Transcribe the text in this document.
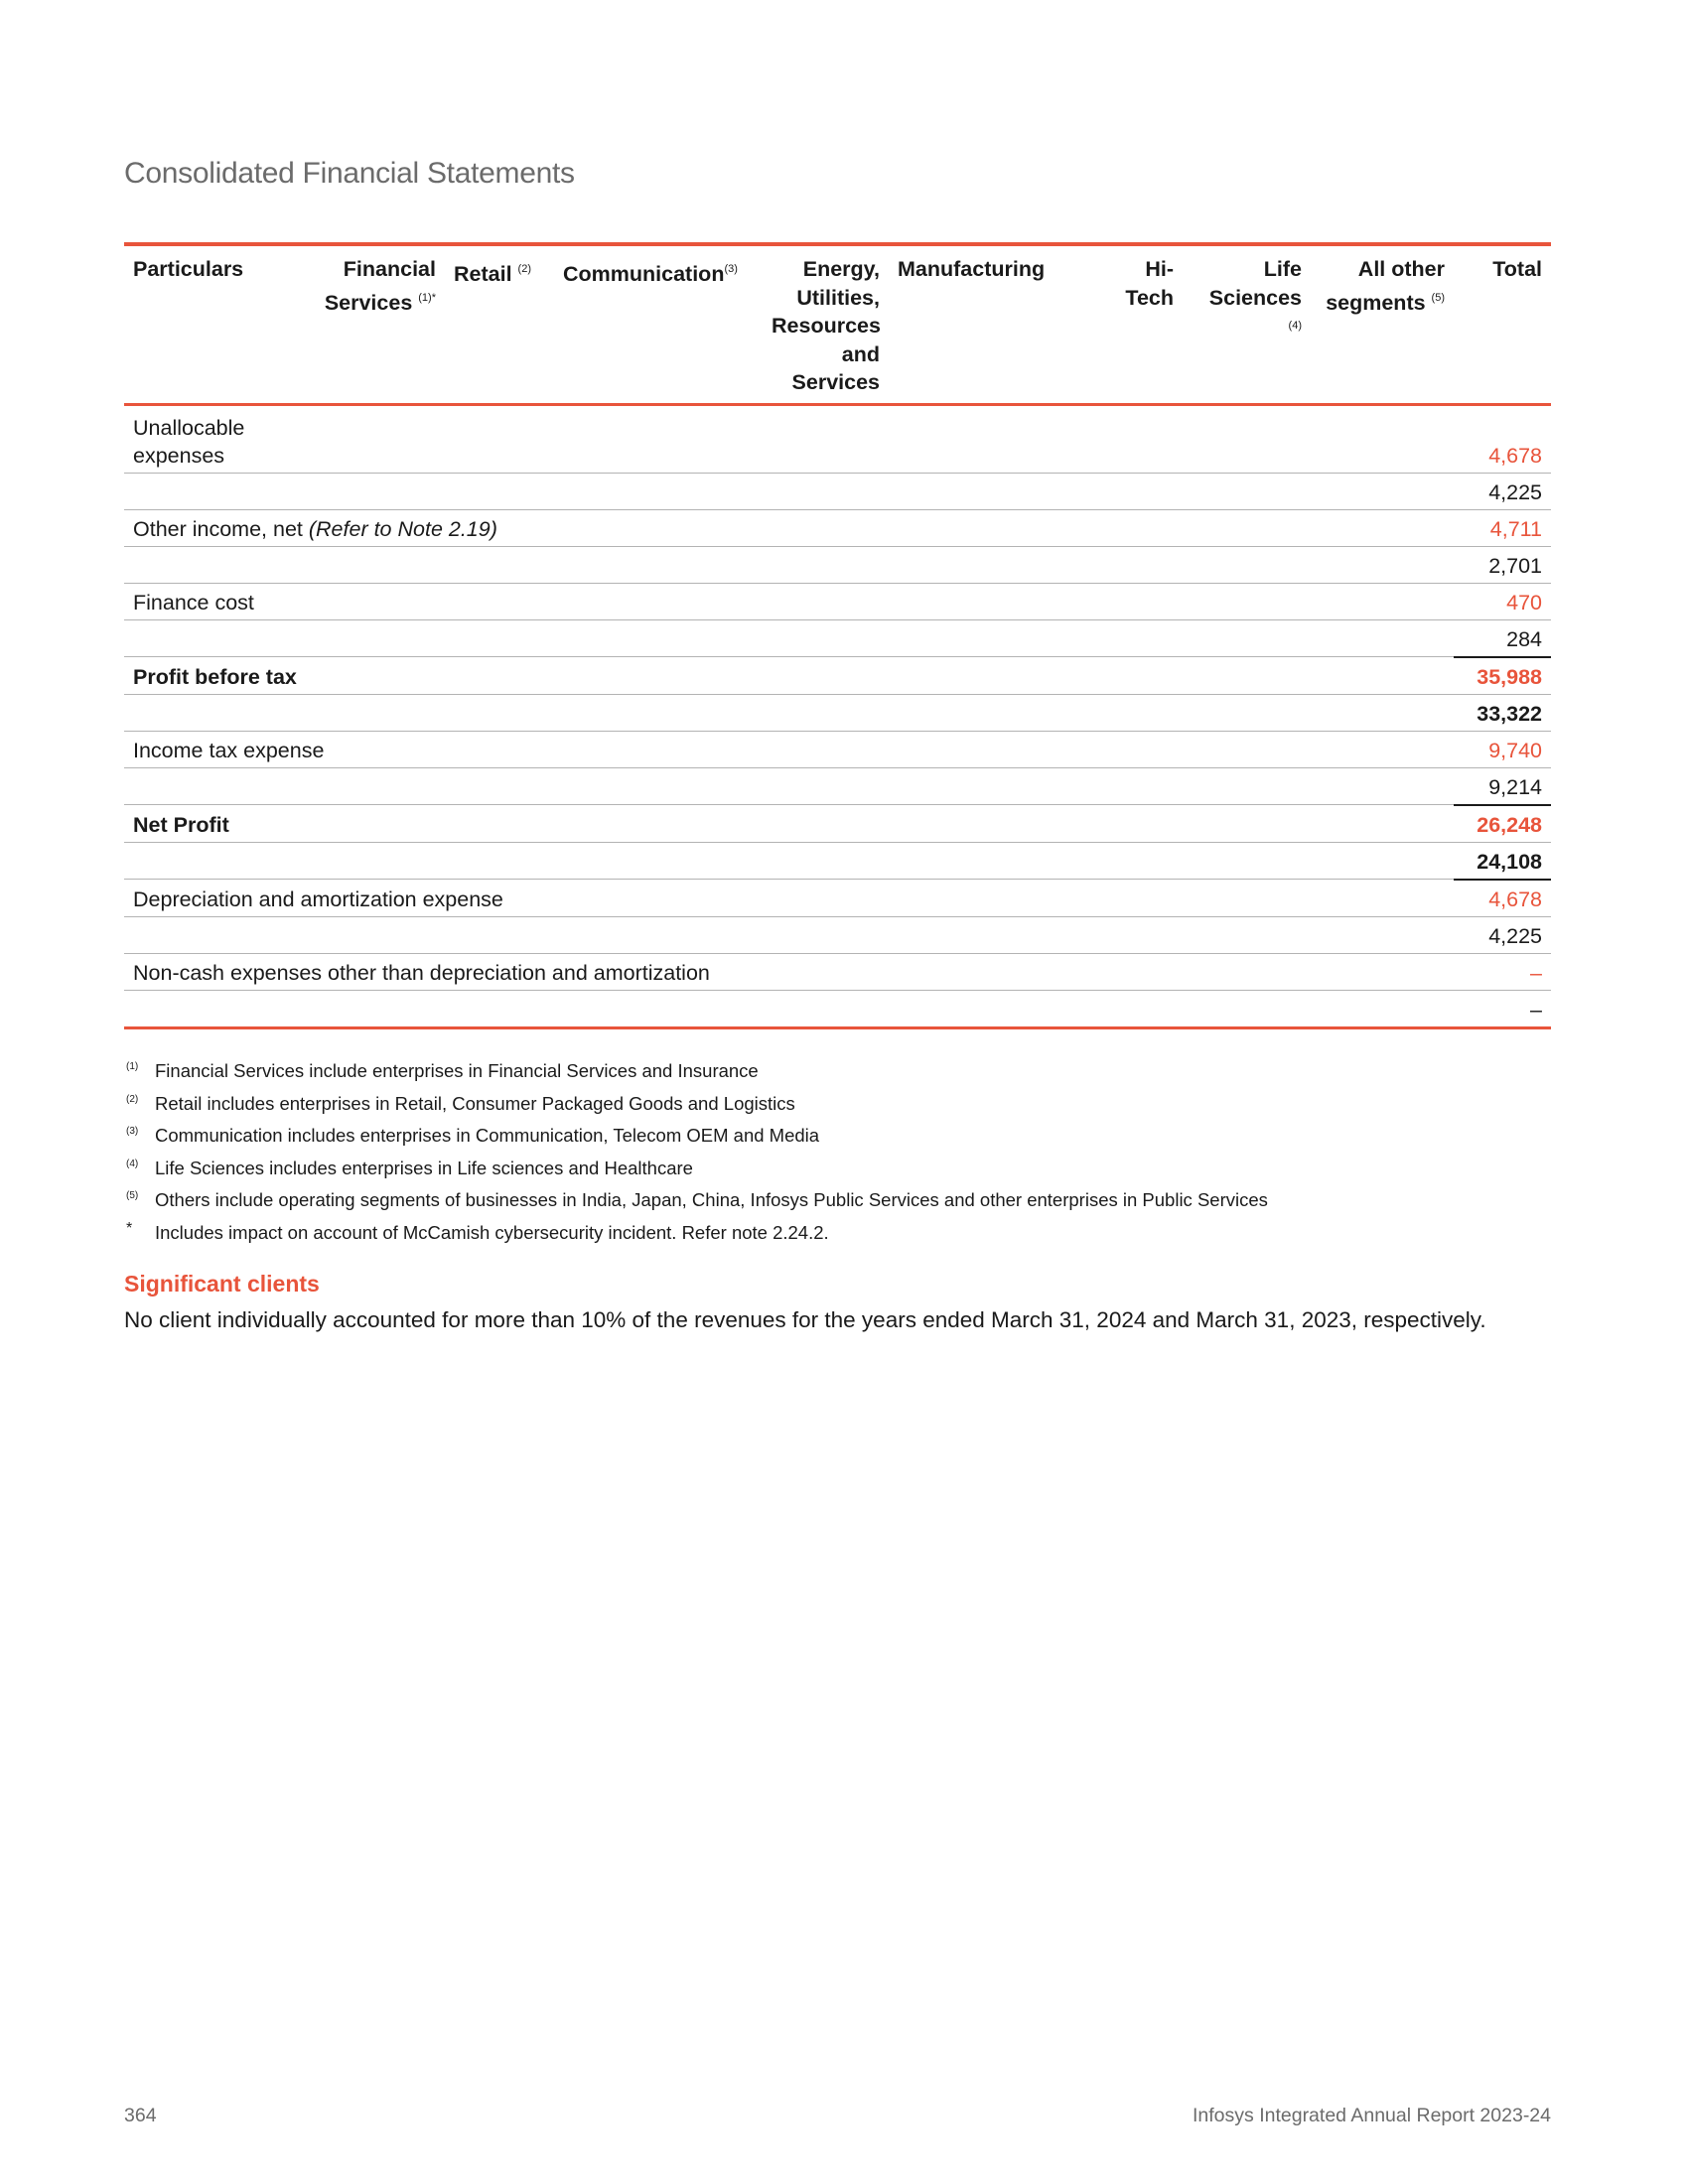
Consolidated Financial Statements
Particulars	Financial Services $^{(1)*}$	Retail $^{(2)}$	Communication$^{(3)}$	Energy, Utilities, Resources and Services	Manufacturing	Hi-Tech	Life Sciences $^{(4)}$	All other segments $^{(5)}$	Total
Unallocable expenses									4,678
									4,225
Other income, net (Refer to Note 2.19)									4,711
									2,701
Finance cost									470
									284
Profit before tax									35,988
									33,322
Income tax expense									9,740
									9,214
Net Profit									26,248
									24,108
Depreciation and amortization expense									4,678
									4,225
Non-cash expenses other than depreciation and amortization									–
									–
(1) Financial Services include enterprises in Financial Services and Insurance
(2) Retail includes enterprises in Retail, Consumer Packaged Goods and Logistics
(3) Communication includes enterprises in Communication, Telecom OEM and Media
(4) Life Sciences includes enterprises in Life sciences and Healthcare
(5) Others include operating segments of businesses in India, Japan, China, Infosys Public Services and other enterprises in Public Services
*	Includes impact on account of McCamish cybersecurity incident. Refer note 2.24.2.
Significant clients
No client individually accounted for more than 10% of the revenues for the years ended March 31, 2024 and March 31, 2023, respectively.
364	Infosys Integrated Annual Report 2023-24
